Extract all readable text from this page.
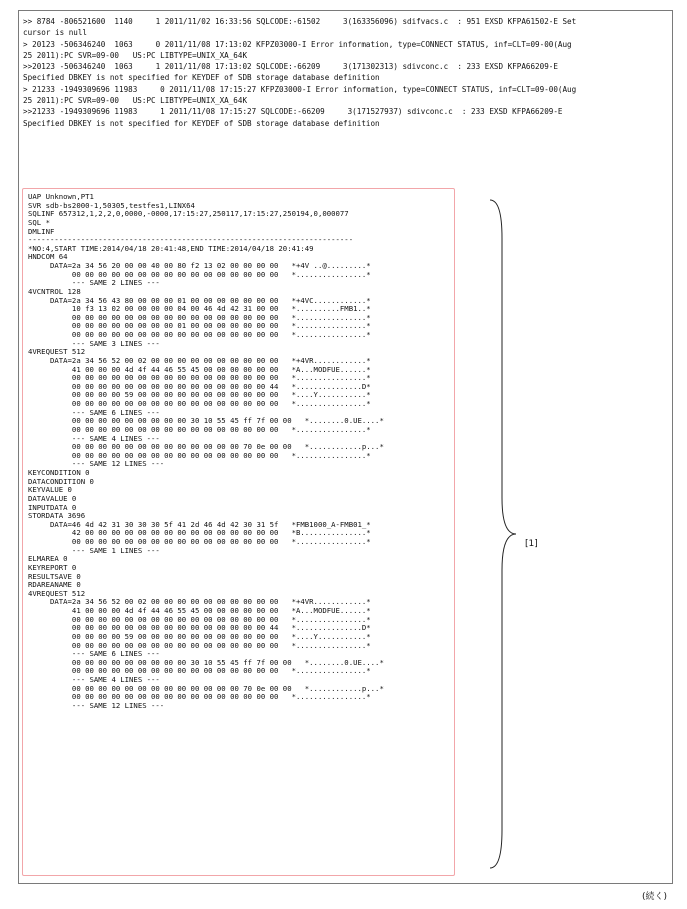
>> 8784 -806521600  1140     1 2011/11/02 16:33:56 SQLCODE:-61502     3(163356096) sdifvacs.c  : 951 EXSD KFPA61502-E Set
cursor is null
> 20123 -506346240  1063     0 2011/11/08 17:13:02 KFPZ03000-I Error information, type=CONNECT STATUS, inf=CLT=09-00(Aug
25 2011):PC SVR=09-00   US:PC LIBTYPE=UNIX_XA_64K
>>20123 -506346240  1063     1 2011/11/08 17:13:02 SQLCODE:-66209     3(171302313) sdivconc.c  : 233 EXSD KFPA66209-E
Specified DBKEY is not specified for KEYDEF of SDB storage database definition
> 21233 -1949309696 11983     0 2011/11/08 17:15:27 KFPZ03000-I Error information, type=CONNECT STATUS, inf=CLT=09-00(Aug
25 2011):PC SVR=09-00   US:PC LIBTYPE=UNIX_XA_64K
>>21233 -1949309696 11983     1 2011/11/08 17:15:27 SQLCODE:-66209     3(171527937) sdivconc.c  : 233 EXSD KFPA66209-E
Specified DBKEY is not specified for KEYDEF of SDB storage database definition
UAP Unknown,PT1
SVR sdb-bs2000-1,50305,testfes1,LINX64
SQLINF 657312,1,2,2,0,0000,-0000,17:15:27,250117,17:15:27,250194,0,000077
SQL *
DMLINF
--------------------------------------------------------------------------
*NO:4,START TIME:2014/04/18 20:41:48,END TIME:2014/04/18 20:41:49
HNDCOM 64
DATA=2a 34 56 20 00 00 40 00 80 f2 13 02 00 00 00 00   *+4V ..@.........*
00 00 00 00 00 00 00 00 00 00 00 00 00 00 00 00   *................*
--- SAME 2 LINES ---
4VCNTROL 128
DATA=2a 34 56 43 80 00 00 00 01 00 00 00 00 00 00 00   *+4VC............*
10 f3 13 02 00 00 00 00 04 00 46 4d 42 31 00 00   *..........FMB1..*
00 00 00 00 00 00 00 00 00 00 00 00 00 00 00 00   *................*
00 00 00 00 00 00 00 00 01 00 00 00 00 00 00 00   *................*
00 00 00 00 00 00 00 00 00 00 00 00 00 00 00 00   *................*
--- SAME 3 LINES ---
4VREQUEST 512
DATA=2a 34 56 52 00 02 00 00 00 00 00 00 00 00 00 00   *+4VR............*
41 00 00 00 4d 4f 44 46 55 45 00 00 00 00 00 00   *A...MODFUE......*
00 00 00 00 00 00 00 00 00 00 00 00 00 00 00 00   *................*
00 00 00 00 00 00 00 00 00 00 00 00 00 00 00 44   *...............D*
00 00 00 00 59 00 00 00 00 00 00 00 00 00 00 00   *....Y...........*
00 00 00 00 00 00 00 00 00 00 00 00 00 00 00 00   *................*
--- SAME 6 LINES ---
00 00 00 00 00 00 00 00 00 30 10 55 45 ff 7f 00 00   *........0.UE....*
00 00 00 00 00 00 00 00 00 00 00 00 00 00 00 00   *................*
--- SAME 4 LINES ---
00 00 00 00 00 00 00 00 00 00 00 00 00 70 0e 00 00   *............p...*
00 00 00 00 00 00 00 00 00 00 00 00 00 00 00 00   *................*
--- SAME 12 LINES ---
KEYCONDITION 0
DATACONDITION 0
KEYVALUE 0
DATAVALUE 0
INPUTDATA 0
STORDATA 3696
DATA=46 4d 42 31 30 30 30 5f 41 2d 46 4d 42 30 31 5f   *FMB1000_A-FMB01_*
42 00 00 00 00 00 00 00 00 00 00 00 00 00 00 00   *B...............*
00 00 00 00 00 00 00 00 00 00 00 00 00 00 00 00   *................*
--- SAME 1 LINES ---
ELMAREA 0
KEYREPORT 0
RESULTSAVE 0
RDAREANAME 0
4VREQUEST 512
DATA=2a 34 56 52 00 02 00 00 00 00 00 00 00 00 00 00   *+4VR............*
41 00 00 00 4d 4f 44 46 55 45 00 00 00 00 00 00   *A...MODFUE......*
00 00 00 00 00 00 00 00 00 00 00 00 00 00 00 00   *................*
00 00 00 00 00 00 00 00 00 00 00 00 00 00 00 44   *...............D*
00 00 00 00 59 00 00 00 00 00 00 00 00 00 00 00   *....Y...........*
00 00 00 00 00 00 00 00 00 00 00 00 00 00 00 00   *................*
--- SAME 6 LINES ---
00 00 00 00 00 00 00 00 00 30 10 55 45 ff 7f 00 00   *........0.UE....*
00 00 00 00 00 00 00 00 00 00 00 00 00 00 00 00   *................*
--- SAME 4 LINES ---
00 00 00 00 00 00 00 00 00 00 00 00 00 70 0e 00 00   *............p...*
00 00 00 00 00 00 00 00 00 00 00 00 00 00 00 00   *................*
--- SAME 12 LINES ---
[1]
(続く)
